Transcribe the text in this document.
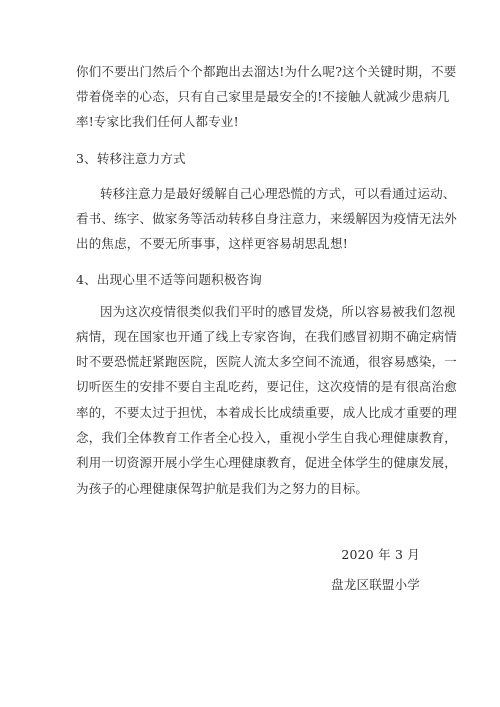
你们不要出门然后个个都跑出去溜达!为什么呢?这个关键时期，不要
带着侥幸的心态，只有自己家里是最安全的!不接触人就减少患病几
率!专家比我们任何人都专业!
3、转移注意力方式
转移注意力是最好缓解自己心理恐慌的方式，可以看通过运动、
看书、练字、做家务等活动转移自身注意力，来缓解因为疫情无法外
出的焦虑，不要无所事事，这样更容易胡思乱想!
4、出现心里不适等问题积极咨询
因为这次疫情很类似我们平时的感冒发烧，所以容易被我们忽视
病情，现在国家也开通了线上专家咨询，在我们感冒初期不确定病情
时不要恐慌赶紧跑医院，医院人流太多空间不流通，很容易感染，一
切听医生的安排不要自主乱吃药，要记住，这次疫情的是有很高治愈
率的，不要太过于担忧，本着成长比成绩重要，成人比成才重要的理
念，我们全体教育工作者全心投入，重视小学生自我心理健康教育，
利用一切资源开展小学生心理健康教育，促进全体学生的健康发展，
为孩子的心理健康保驾护航是我们为之努力的目标。
2020 年 3 月
盘龙区联盟小学
